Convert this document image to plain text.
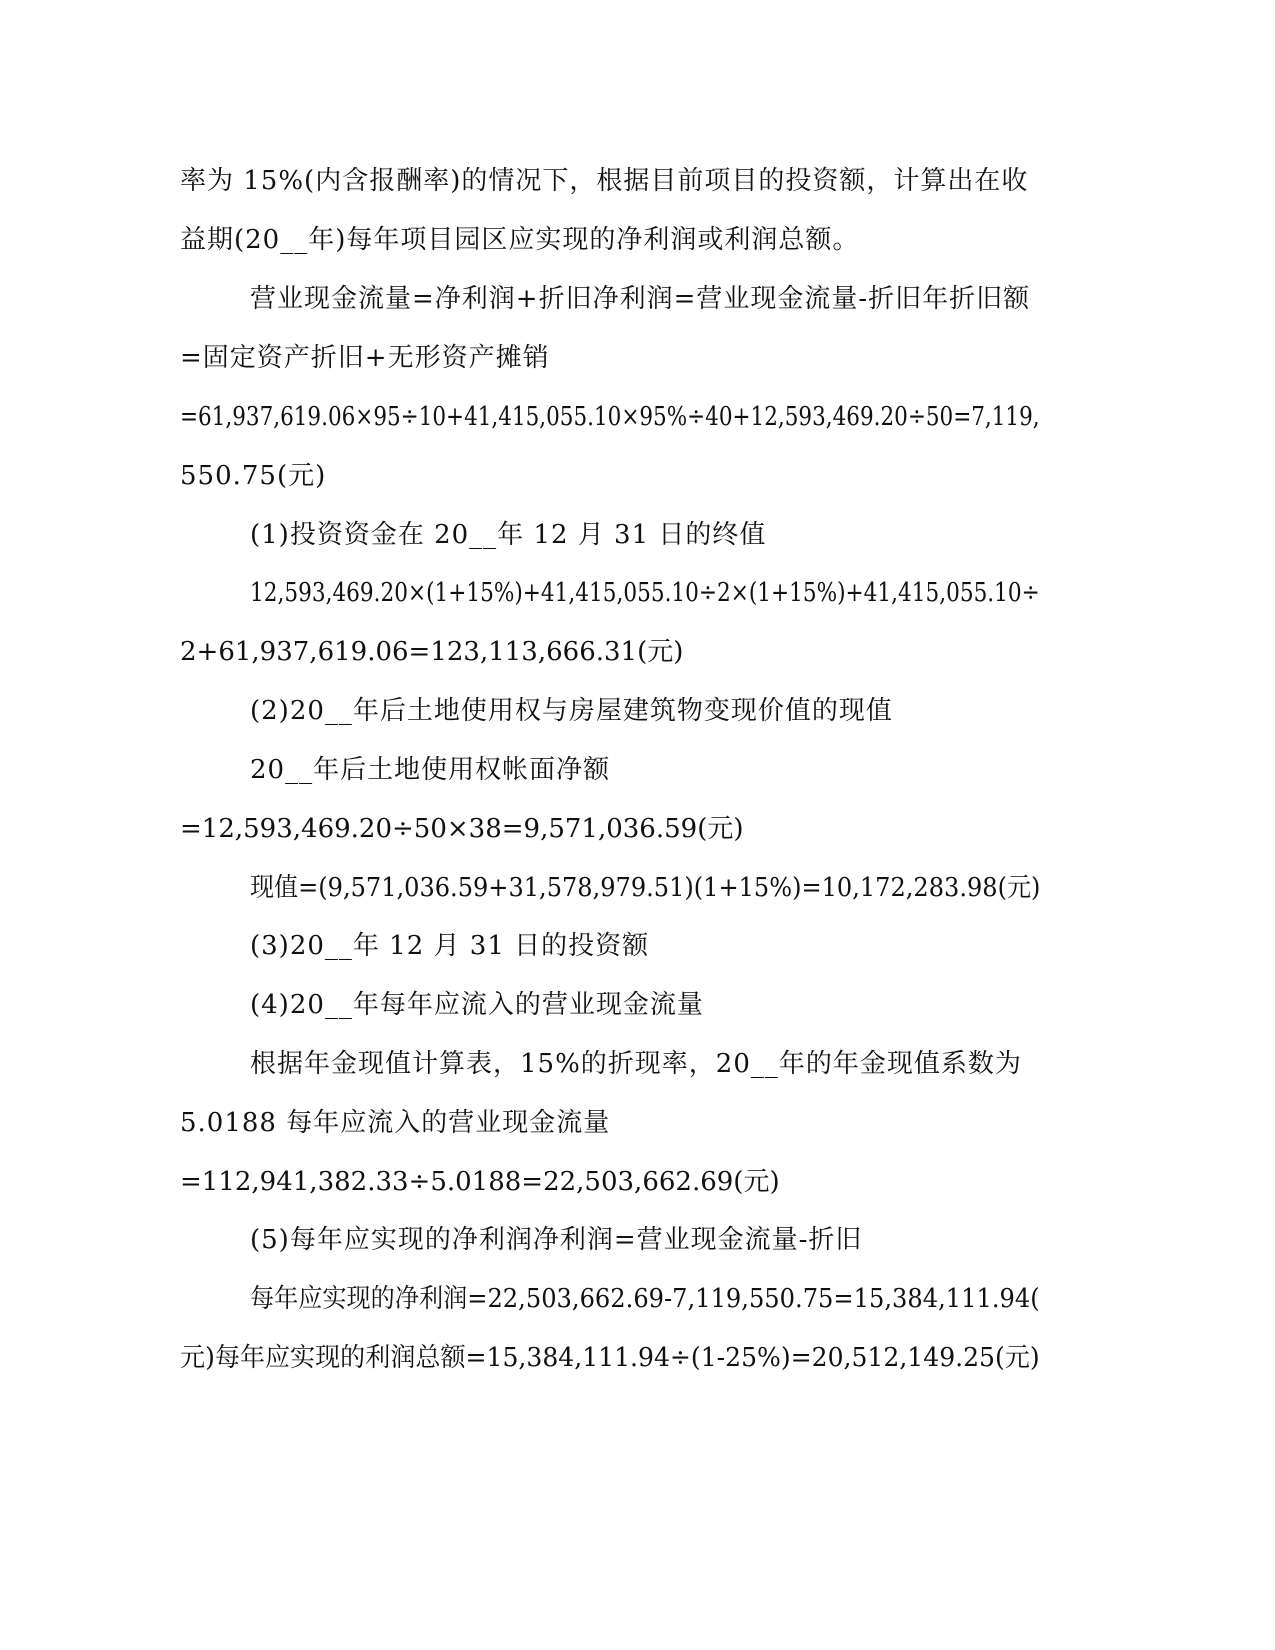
率为 15%(内含报酬率)的情况下，根据目前项目的投资额，计算出在收
益期(20__年)每年项目园区应实现的净利润或利润总额。
营业现金流量=净利润+折旧净利润=营业现金流量-折旧年折旧额
=固定资产折旧+无形资产摊销
=61,937,619.06×95÷10+41,415,055.10×95%÷40+12,593,469.20÷50=7,119,
550.75(元)
(1)投资资金在 20__年 12 月 31 日的终值
12,593,469.20×(1+15%)+41,415,055.10÷2×(1+15%)+41,415,055.10÷
2+61,937,619.06=123,113,666.31(元)
(2)20__年后土地使用权与房屋建筑物变现价值的现值
20__年后土地使用权帐面净额
=12,593,469.20÷50×38=9,571,036.59(元)
现值=(9,571,036.59+31,578,979.51)(1+15%)=10,172,283.98(元)
(3)20__年 12 月 31 日的投资额
(4)20__年每年应流入的营业现金流量
根据年金现值计算表，15%的折现率，20__年的年金现值系数为
5.0188 每年应流入的营业现金流量
=112,941,382.33÷5.0188=22,503,662.69(元)
(5)每年应实现的净利润净利润=营业现金流量-折旧
每年应实现的净利润=22,503,662.69-7,119,550.75=15,384,111.94(
元)每年应实现的利润总额=15,384,111.94÷(1-25%)=20,512,149.25(元)
